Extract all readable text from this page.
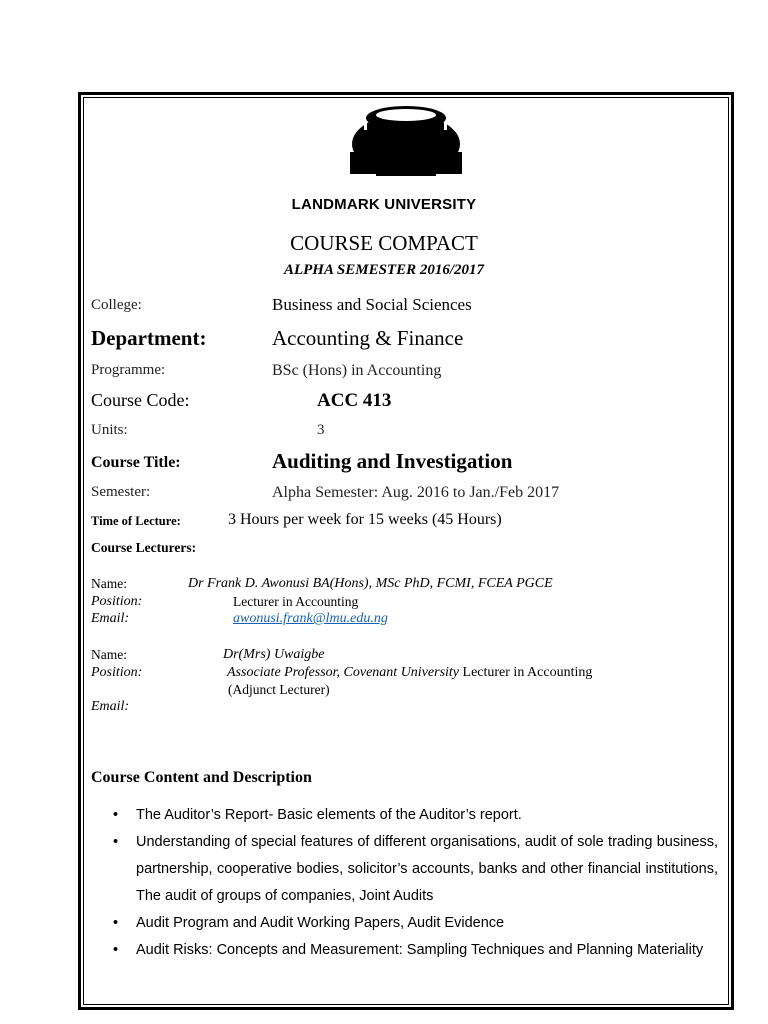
LANDMARK UNIVERSITY
COURSE COMPACT
ALPHA SEMESTER 2016/2017
College:	Business and Social Sciences
Department:	Accounting & Finance
Programme:	BSc (Hons) in Accounting
Course Code:	ACC 413
Units:	3
Course Title:	Auditing and Investigation
Semester:	Alpha Semester: Aug. 2016 to Jan./Feb 2017
Time of Lecture:	3 Hours per week for 15 weeks (45 Hours)
Course Lecturers:
Name:	Dr Frank D. Awonusi BA(Hons), MSc PhD, FCMI, FCEA PGCE
Position:	Lecturer in Accounting
Email:	awonusi.frank@lmu.edu.ng
Name:	Dr(Mrs) Uwaigbe
Position:	Associate Professor, Covenant University Lecturer in Accounting
(Adjunct Lecturer)
Email:
Course Content and Description
• The Auditor’s Report- Basic elements of the Auditor’s report.
• Understanding of special features of different organisations, audit of sole trading business, partnership, cooperative bodies, solicitor’s accounts, banks and other financial institutions, The audit of groups of companies, Joint Audits
• Audit Program and Audit Working Papers, Audit Evidence
• Audit Risks: Concepts and Measurement: Sampling Techniques and Planning Materiality
